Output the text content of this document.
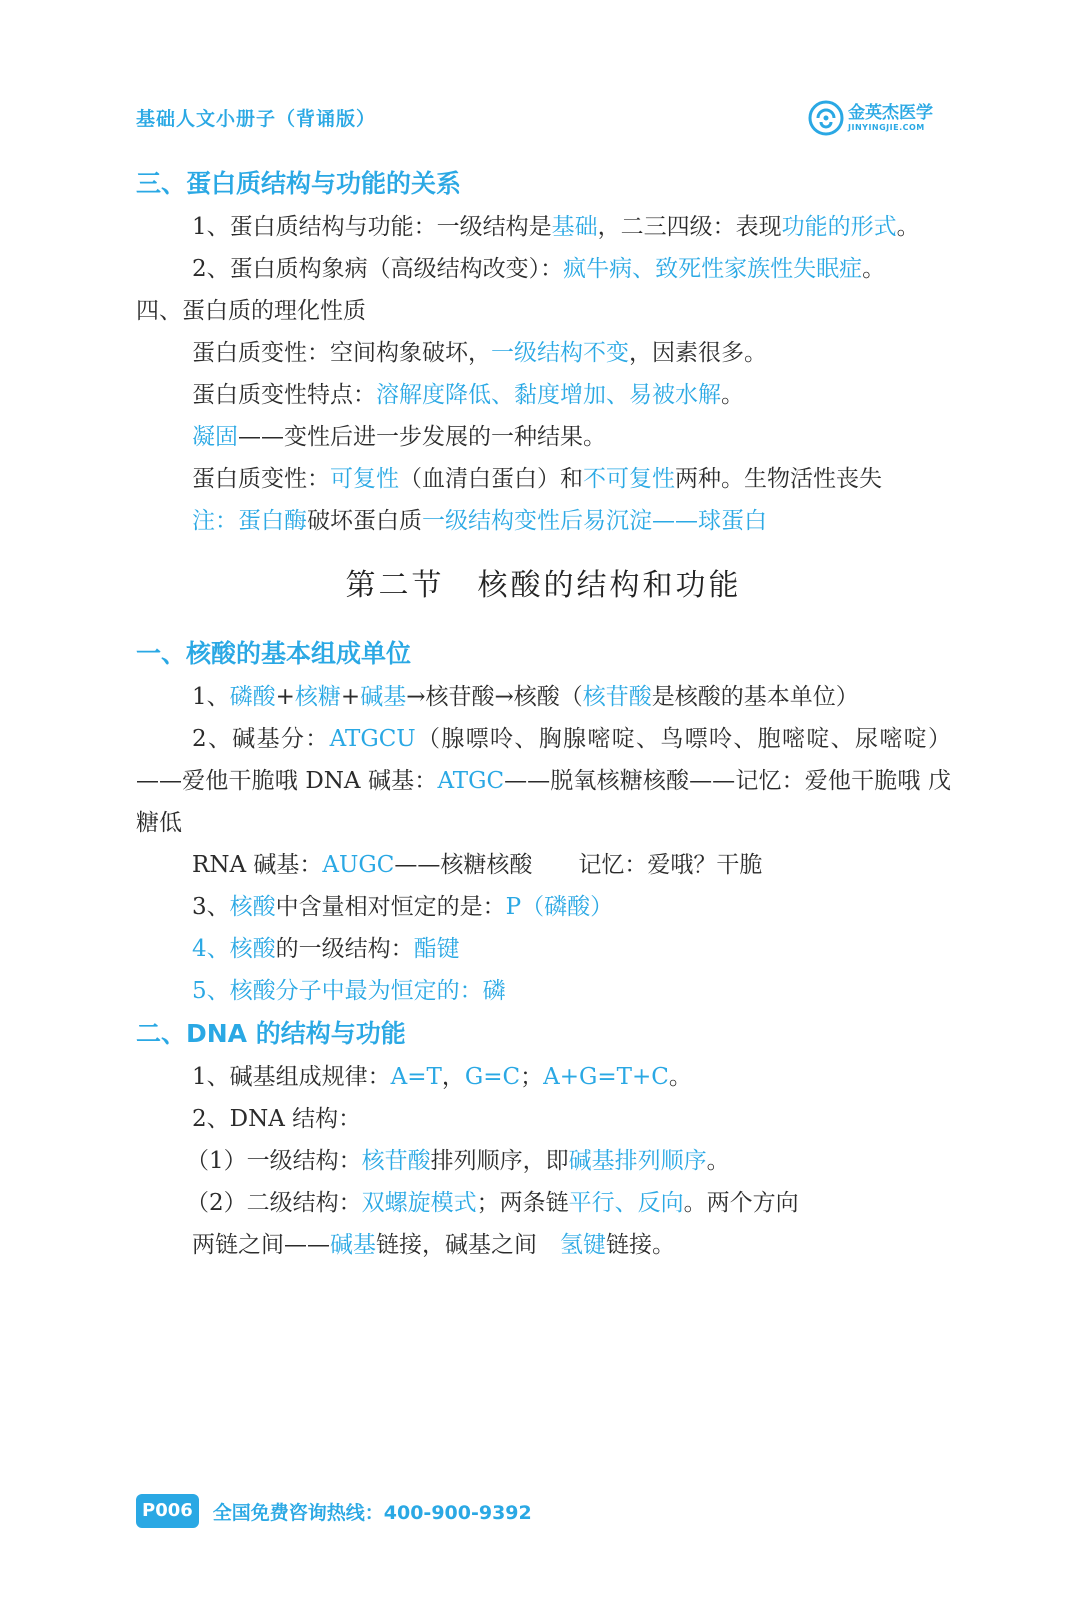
基础人文小册子（背诵版）	金英杰医学
JINYINGJIE.COM
三、蛋白质结构与功能的关系

1、蛋白质结构与功能：一级结构是基础，二三四级：表现功能的形式。

2、蛋白质构象病（高级结构改变）：疯牛病、致死性家族性失眠症。

四、蛋白质的理化性质

蛋白质变性：空间构象破坏，一级结构不变，因素很多。

蛋白质变性特点：溶解度降低、黏度增加、易被水解。

凝固——变性后进一步发展的一种结果。

蛋白质变性：可复性（血清白蛋白）和不可复性两种。生物活性丧失

注：蛋白酶破坏蛋白质一级结构变性后易沉淀——球蛋白

第二节　核酸的结构和功能
一、核酸的基本组成单位

1、磷酸+核糖+碱基→核苷酸→核酸（核苷酸是核酸的基本单位）

2、碱基分：ATGCU（腺嘌呤、胸腺嘧啶、鸟嘌呤、胞嘧啶、尿嘧啶）——爱他干脆哦 DNA 碱基：ATGC——脱氧核糖核酸——记忆：爱他干脆哦 戊糖低

RNA 碱基：AUGC——核糖核酸　　记忆：爱哦？干脆

3、核酸中含量相对恒定的是：P（磷酸）

4、核酸的一级结构：酯键

5、核酸分子中最为恒定的：磷

二、DNA 的结构与功能

1、碱基组成规律：A=T，G=C；A+G=T+C。

2、DNA 结构：

（1）一级结构：核苷酸排列顺序，即碱基排列顺序。

（2）二级结构：双螺旋模式；两条链平行、反向。两个方向

两链之间——碱基链接，碱基之间　氢键链接。

P006	全国免费咨询热线：400-900-9392
